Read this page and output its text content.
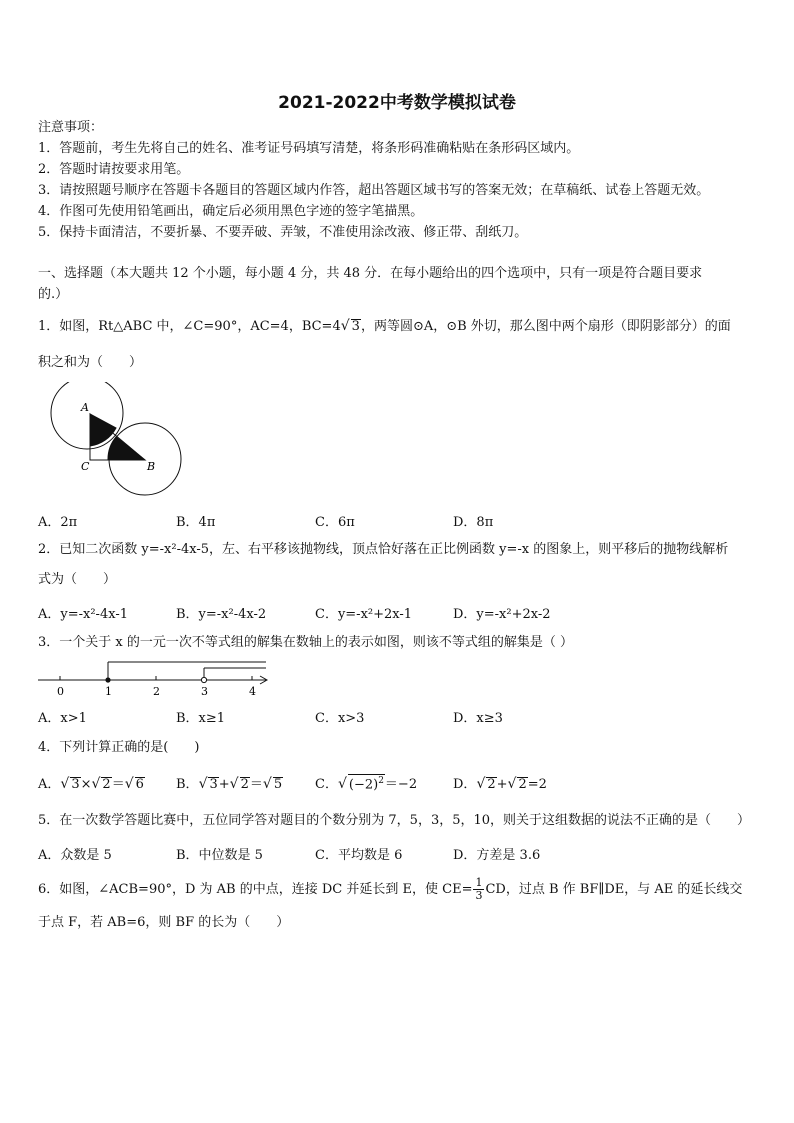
2021-2022中考数学模拟试卷
注意事项：
1．答题前，考生先将自己的姓名、准考证号码填写清楚，将条形码准确粘贴在条形码区域内。
2．答题时请按要求用笔。
3．请按照题号顺序在答题卡各题目的答题区域内作答，超出答题区域书写的答案无效；在草稿纸、试卷上答题无效。
4．作图可先使用铅笔画出，确定后必须用黑色字迹的签字笔描黑。
5．保持卡面清洁，不要折暴、不要弄破、弄皱，不准使用涂改液、修正带、刮纸刀。
一、选择题（本大题共 12 个小题，每小题 4 分，共 48 分．在每小题给出的四个选项中，只有一项是符合题目要求
的.）
1．如图，Rt△ABC 中，∠C=90°，AC=4，BC=4√ 3，两等圆⊙A，⊙B 外切，那么图中两个扇形（即阴影部分）的面
积之和为（　　）
A
B
C
A．2π	B．4π	C．6π	D．8π
2．已知二次函数 y=-x²-4x-5，左、右平移该抛物线，顶点恰好落在正比例函数 y=-x 的图象上，则平移后的抛物线解析
式为（　　）
A．y=-x²-4x-1	B．y=-x²-4x-2	C．y=-x²+2x-1	D．y=-x²+2x-2
3．一个关于 x 的一元一次不等式组的解集在数轴上的表示如图，则该不等式组的解集是（ ）
0	1	2	3	4
A．x>1	B．x≥1	C．x>3	D．x≥3
4．下列计算正确的是(　　)
A．√ 3×√ 2＝√ 6 B．√ 3+√ 2＝√ 5	C．√ $(-2)^2=-2$	D．√ 2+√ 2=2
5．在一次数学答题比赛中，五位同学答对题目的个数分别为 7，5，3，5，10，则关于这组数据的说法不正确的是（　　）
A．众数是 5	B．中位数是 5	C．平均数是 6	D．方差是 3.6
6．如图，∠ACB=90°，D 为 AB 的中点，连接 DC 并延长到 E，使 $CE= \frac{1}{3}$ CD，过点 B 作 BF∥DE，与 AE 的延长线交
于点 F，若 AB=6，则 BF 的长为（　　）
